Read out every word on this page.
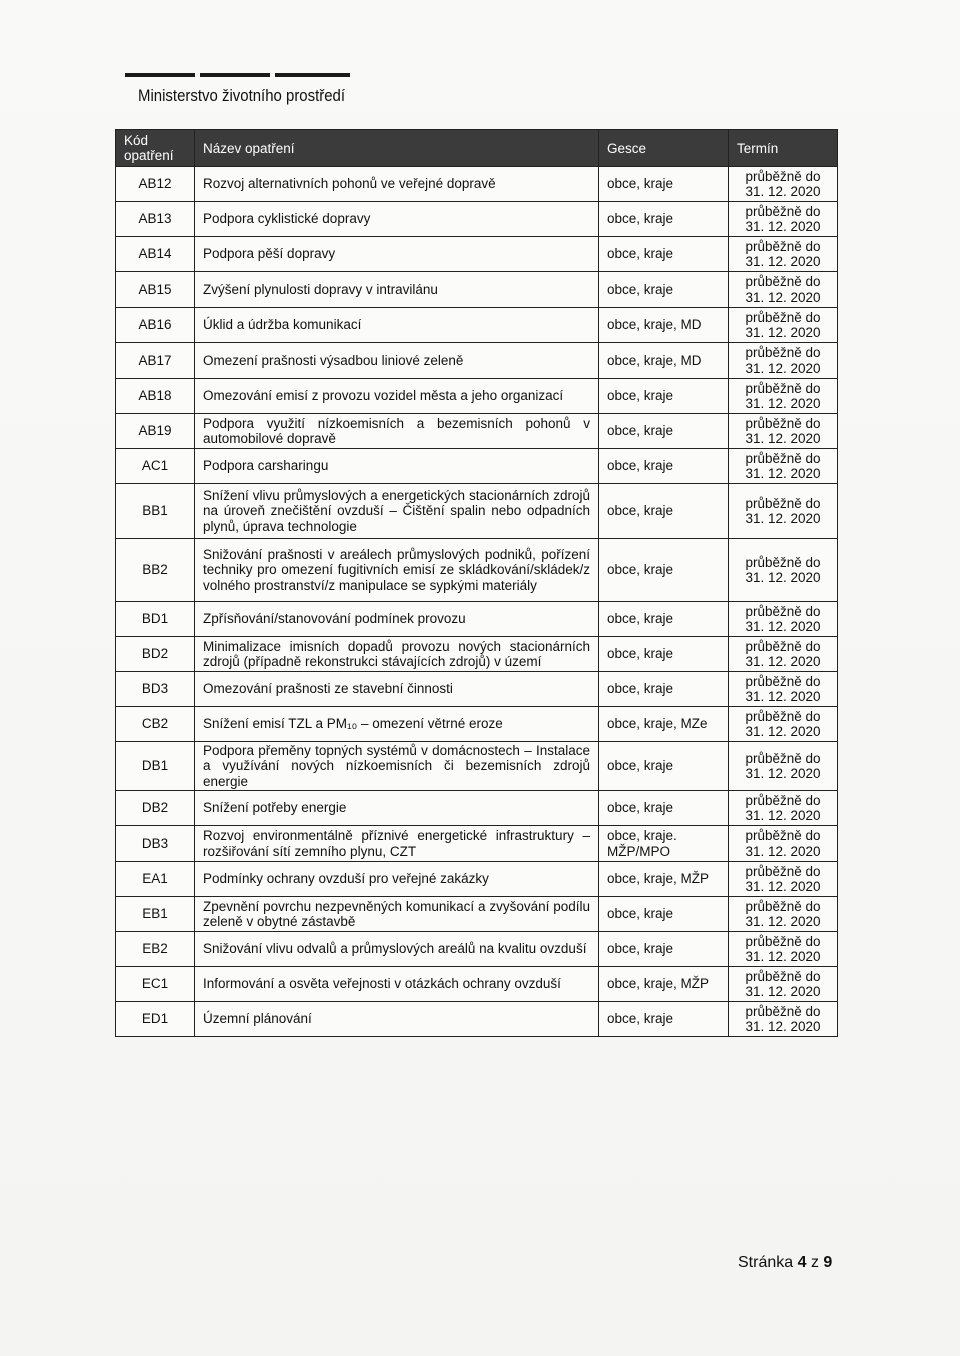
Ministerstvo životního prostředí
Kód opatření	Název opatření	Gesce	Termín
AB12	Rozvoj alternativních pohonů ve veřejné dopravě	obce, kraje	průběžně do
31. 12. 2020

AB13	Podpora cyklistické dopravy	obce, kraje	průběžně do
31. 12. 2020

AB14	Podpora pěší dopravy	obce, kraje	průběžně do
31. 12. 2020

AB15	Zvýšení plynulosti dopravy v intravilánu	obce, kraje	průběžně do
31. 12. 2020

AB16	Úklid a údržba komunikací	obce, kraje, MD	průběžně do
31. 12. 2020

AB17	Omezení prašnosti výsadbou liniové zeleně	obce, kraje, MD	průběžně do
31. 12. 2020

AB18	Omezování emisí z provozu vozidel města a jeho organizací	obce, kraje	průběžně do
31. 12. 2020

AB19	Podpora využití nízkoemisních a bezemisních pohonů v automobilové dopravě	obce, kraje	průběžně do
31. 12. 2020

AC1	Podpora carsharingu	obce, kraje	průběžně do
31. 12. 2020

BB1	Snížení vlivu průmyslových a energetických stacionárních zdrojů na úroveň znečištění ovzduší – Čištění spalin nebo odpadních plynů, úprava technologie	obce, kraje	průběžně do
31. 12. 2020

BB2	Snižování prašnosti v areálech průmyslových podniků, pořízení techniky pro omezení fugitivních emisí ze skládkování/skládek/z volného prostranství/z manipulace se sypkými materiály	obce, kraje	průběžně do
31. 12. 2020

BD1	Zpřísňování/stanovování podmínek provozu	obce, kraje	průběžně do
31. 12. 2020

BD2	Minimalizace imisních dopadů provozu nových stacionárních zdrojů (případně rekonstrukci stávajících zdrojů) v území	obce, kraje	průběžně do
31. 12. 2020

BD3	Omezování prašnosti ze stavební činnosti	obce, kraje	průběžně do
31. 12. 2020

CB2	Snížení emisí TZL a PM₁₀ – omezení větrné eroze	obce, kraje, MZe	průběžně do
31. 12. 2020

DB1	Podpora přeměny topných systémů v domácnostech – Instalace a využívání nových nízkoemisních či bezemisních zdrojů energie	obce, kraje	průběžně do
31. 12. 2020

DB2	Snížení potřeby energie	obce, kraje	průběžně do
31. 12. 2020

DB3	Rozvoj environmentálně příznivé energetické infrastruktury – rozšiřování sítí zemního plynu, CZT	obce, kraje. MŽP/MPO	průběžně do
31. 12. 2020

EA1	Podmínky ochrany ovzduší pro veřejné zakázky	obce, kraje, MŽP	průběžně do
31. 12. 2020

EB1	Zpevnění povrchu nezpevněných komunikací a zvyšování podílu zeleně v obytné zástavbě	obce, kraje	průběžně do
31. 12. 2020

EB2	Snižování vlivu odvalů a průmyslových areálů na kvalitu ovzduší	obce, kraje	průběžně do
31. 12. 2020

EC1	Informování a osvěta veřejnosti v otázkách ochrany ovzduší	obce, kraje, MŽP	průběžně do
31. 12. 2020

ED1	Územní plánování	obce, kraje	průběžně do
31. 12. 2020
Stránka 4 z 9
